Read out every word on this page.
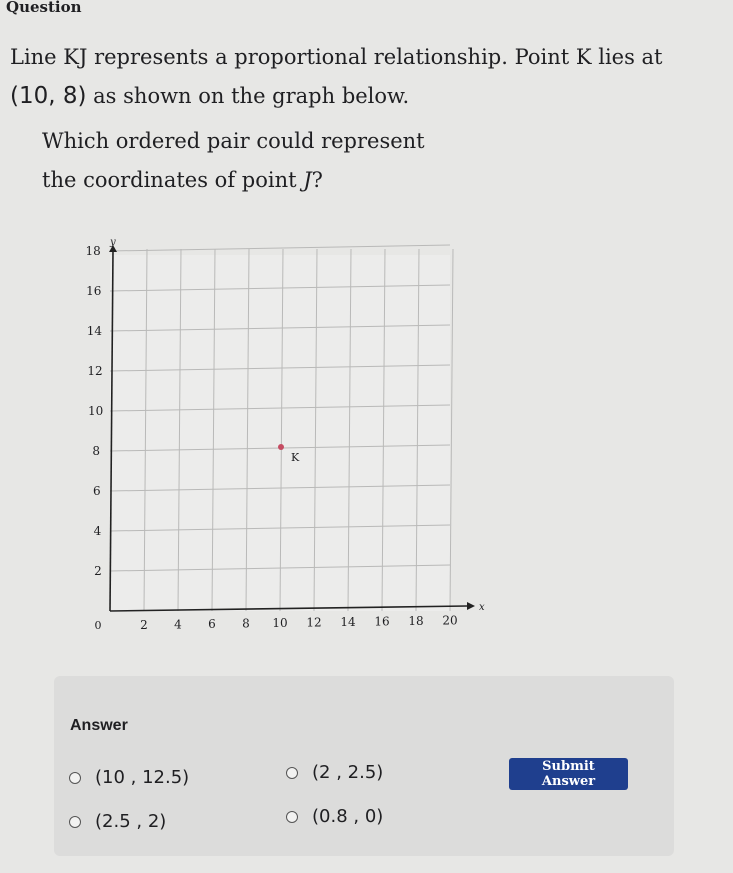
Question
Line KJ represents a proportional relationship. Point K lies at (10, 8) as shown on the graph below.
Which ordered pair could represent the coordinates of point J?
x
y
0	2 4 6 8 10 12 14 16 18 20
2
4
6
8
10
12
14
16
18
K
Answer
(10 , 12.5)	(2 , 2.5)
(2.5 , 2)	(0.8 , 0)
Submit Answer
